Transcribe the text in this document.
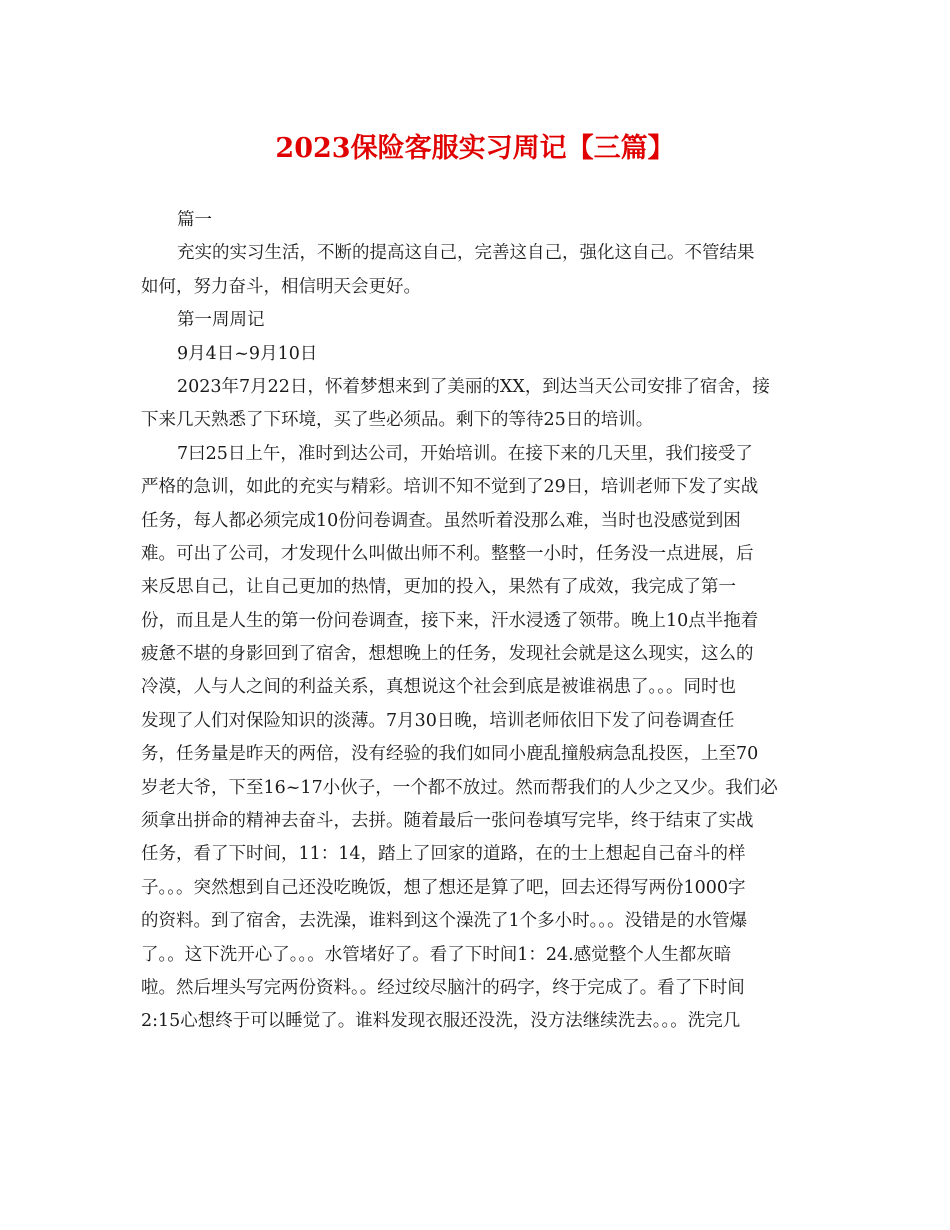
2023保险客服实习周记【三篇】
篇一
充实的实习生活，不断的提高这自己，完善这自己，强化这自己。不管结果
如何，努力奋斗，相信明天会更好。
第一周周记
9月4日~9月10日
2023年7月22日，怀着梦想来到了美丽的XX，到达当天公司安排了宿舍，接
下来几天熟悉了下环境，买了些必须品。剩下的等待25日的培训。
7曰25日上午，准时到达公司，开始培训。在接下来的几天里，我们接受了
严格的急训，如此的充实与精彩。培训不知不觉到了29日，培训老师下发了实战
任务，每人都必须完成10份问卷调查。虽然听着没那么难，当时也没感觉到困
难。可出了公司，才发现什么叫做出师不利。整整一小时，任务没一点进展，后
来反思自己，让自己更加的热情，更加的投入，果然有了成效，我完成了第一
份，而且是人生的第一份问卷调查，接下来，汗水浸透了领带。晚上10点半拖着
疲惫不堪的身影回到了宿舍，想想晚上的任务，发现社会就是这么现实，这么的
冷漠，人与人之间的利益关系，真想说这个社会到底是被谁祸患了。。。同时也
发现了人们对保险知识的淡薄。7月30日晚，培训老师依旧下发了问卷调查任
务，任务量是昨天的两倍，没有经验的我们如同小鹿乱撞般病急乱投医，上至70
岁老大爷，下至16~17小伙子，一个都不放过。然而帮我们的人少之又少。我们必
须拿出拼命的精神去奋斗，去拼。随着最后一张问卷填写完毕，终于结束了实战
任务，看了下时间，11：14，踏上了回家的道路，在的士上想起自己奋斗的样
子。。。突然想到自己还没吃晚饭，想了想还是算了吧，回去还得写两份1000字
的资料。到了宿舍，去洗澡，谁料到这个澡洗了1个多小时。。。没错是的水管爆
了。。这下洗开心了。。。水管堵好了。看了下时间1：24.感觉整个人生都灰暗
啦。然后埋头写完两份资料。。经过绞尽脑汁的码字，终于完成了。看了下时间
2:15心想终于可以睡觉了。谁料发现衣服还没洗，没方法继续洗去。。。洗完几
